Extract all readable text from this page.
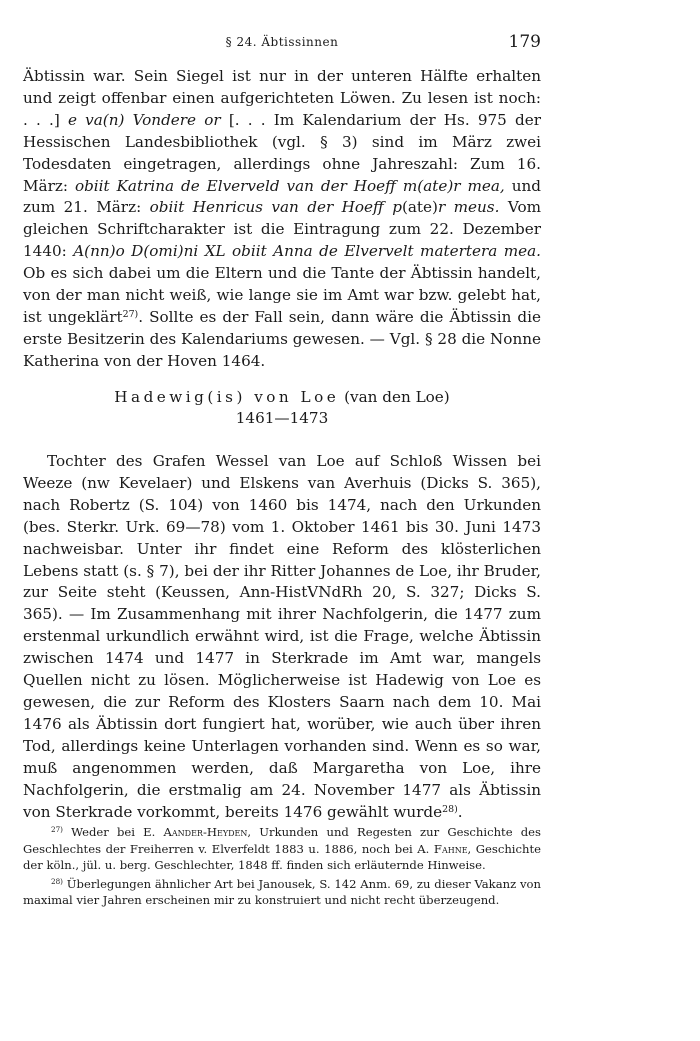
§ 24. Äbtissinnen	179

Äbtissin war. Sein Siegel ist nur in der unteren Hälfte erhalten und zeigt offenbar einen aufgerichteten Löwen. Zu lesen ist noch: . . .] e va(n) Vondere or [. . . Im Kalendarium der Hs. 975 der Hessischen Landesbibliothek (vgl. § 3) sind im März zwei Todesdaten eingetragen, allerdings ohne Jahreszahl: Zum 16. März: obiit Katrina de Elverveld van der Hoeff m(ate)r mea, und zum 21. März: obiit Henricus van der Hoeff p(ate)r meus. Vom gleichen Schriftcharakter ist die Eintragung zum 22. Dezember 1440: A(nn)o D(omi)ni XL obiit Anna de Elvervelt matertera mea. Ob es sich dabei um die Eltern und die Tante der Äbtissin handelt, von der man nicht weiß, wie lange sie im Amt war bzw. gelebt hat, ist ungeklärt$^{27)}$. Sollte es der Fall sein, dann wäre die Äbtissin die erste Besitzerin des Kalendariums gewesen. — Vgl. § 28 die Nonne Katherina von der Hoven 1464.

Hadewig(is) von Loe (van den Loe)
1461—1473

Tochter des Grafen Wessel van Loe auf Schloß Wissen bei Weeze (nw Kevelaer) und Elskens van Averhuis (Dicks S. 365), nach Robertz (S. 104) von 1460 bis 1474, nach den Urkunden (bes. Sterkr. Urk. 69—78) vom 1. Oktober 1461 bis 30. Juni 1473 nachweisbar. Unter ihr findet eine Reform des klösterlichen Lebens statt (s. § 7), bei der ihr Ritter Johannes de Loe, ihr Bruder, zur Seite steht (Keussen, Ann-HistVNdRh 20, S. 327; Dicks S. 365). — Im Zusammenhang mit ihrer Nachfolgerin, die 1477 zum erstenmal urkundlich erwähnt wird, ist die Frage, welche Äbtissin zwischen 1474 und 1477 in Sterkrade im Amt war, mangels Quellen nicht zu lösen. Möglicherweise ist Hadewig von Loe es gewesen, die zur Reform des Klosters Saarn nach dem 10. Mai 1476 als Äbtissin dort fungiert hat, worüber, wie auch über ihren Tod, allerdings keine Unterlagen vorhanden sind. Wenn es so war, muß angenommen werden, daß Margaretha von Loe, ihre Nachfolgerin, die erstmalig am 24. November 1477 als Äbtissin von Sterkrade vorkommt, bereits 1476 gewählt wurde$^{28)}$.

$^{27)}$ Weder bei E. Aander-Heyden, Urkunden und Regesten zur Geschichte des Geschlechtes der Freiherren v. Elverfeldt 1883 u. 1886, noch bei A. Fahne, Geschichte der köln., jül. u. berg. Geschlechter, 1848 ff. finden sich erläuternde Hinweise.

$^{28)}$ Überlegungen ähnlicher Art bei Janousek, S. 142 Anm. 69, zu dieser Vakanz von maximal vier Jahren erscheinen mir zu konstruiert und nicht recht überzeugend.
